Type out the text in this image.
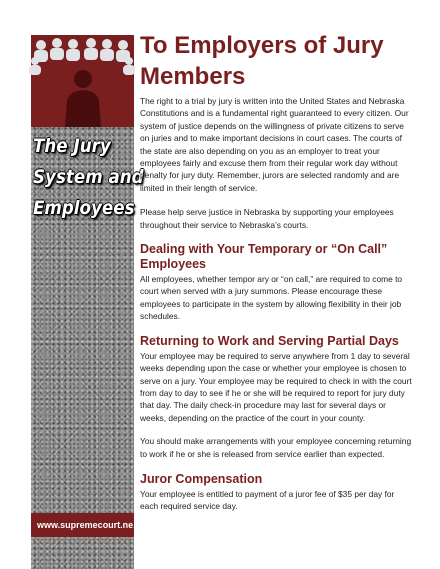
The Jury
System and
Employees
www.supremecourt.ne.gov
To Employers of Jury
Members

The right to a trial by jury is written into the United States and Nebraska Constitutions and is a fundamental right guaranteed to every citizen. Our system of justice depends on the willingness of private citizens to serve on juries and to make important decisions in court cases. The courts of the state are also depending on you as an employer to treat your employees fairly and excuse them from their regular work day without penalty for jury duty. Remember, jurors are selected randomly and are limited in their length of service.

Please help serve justice in Nebraska by supporting your employees throughout their service to Nebraska’s courts.

Dealing with Your Temporary or “On Call” Employees

All employees, whether tempor ary or “on call,” are required to come to court when served with a jury summons. Please encourage these employees to participate in the system by allowing flexibility in their job schedules.

Returning to Work and Serving Partial Days

Your employee may be required to serve anywhere from 1 day to several weeks depending upon the case or whether your employee is chosen to serve on a jury. Your employee may be required to check in with the court from day to day to see if he or she will be required to report for jury duty that day. The daily check-in procedure may last for several days or weeks, depending on the practice of the court in your county.

You should make arrangements with your employee concerning returning to work if he or she is released from service earlier than expected.

Juror Compensation

Your employee is entitled to payment of a juror fee of $35 per day for each required service day.
